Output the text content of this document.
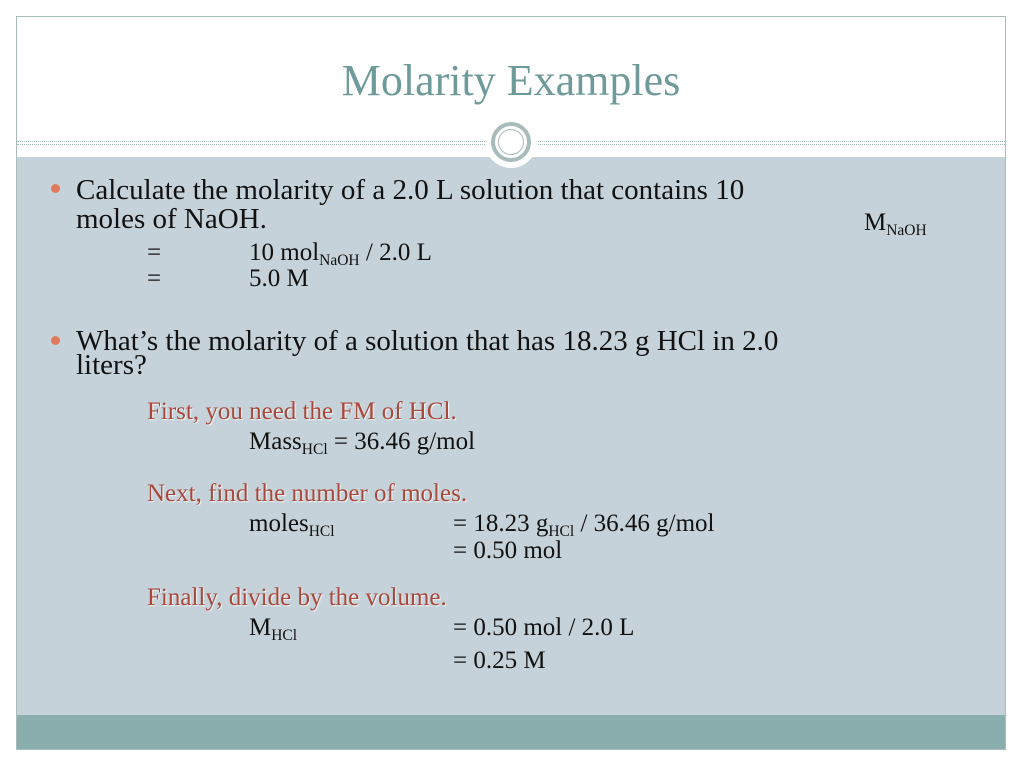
Molarity Examples
Calculate the molarity of a 2.0 L solution that contains 10
moles of NaOH.	$M_{NaOH}$
=	10 mol$_{NaOH}$ / 2.0 L
=	5.0 M
What’s the molarity of a solution that has 18.23 g HCl in 2.0
liters?
First, you need the FM of HCl.
Mass$_{HCl}$ = 36.46 g/mol
Next, find the number of moles.
moles$_{HCl}$	= 18.23 $g_{HCl} / 36.46$ g/mol
= 0.50 mol
Finally, divide by the volume.
$M_{HCl}$	= 0.50 mol / 2.0 L
= 0.25 M
